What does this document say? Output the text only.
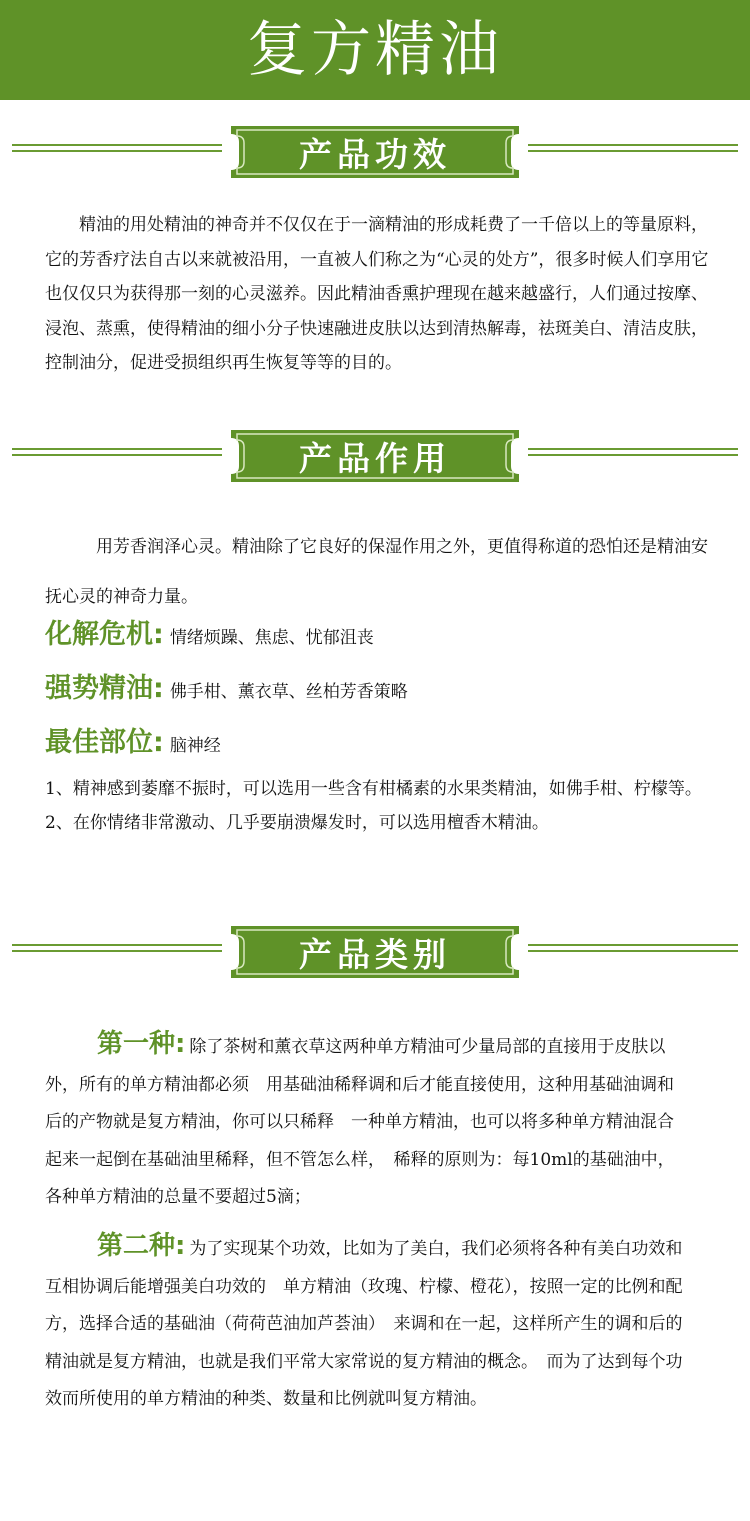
复方精油
产品功效

精油的用处精油的神奇并不仅仅在于一滴精油的形成耗费了一千倍以上的等量原料，它的芳香疗法自古以来就被沿用，一直被人们称之为“心灵的处方”，很多时候人们享用它也仅仅只为获得那一刻的心灵滋养。因此精油香熏护理现在越来越盛行，人们通过按摩、浸泡、蒸熏，使得精油的细小分子快速融进皮肤以达到清热解毒，祛斑美白、清洁皮肤，控制油分，促进受损组织再生恢复等等的目的。

产品作用

用芳香润泽心灵。精油除了它良好的保湿作用之外，更值得称道的恐怕还是精油安抚心灵的神奇力量。

化解危机: 情绪烦躁、焦虑、忧郁沮丧
强势精油: 佛手柑、薰衣草、丝柏芳香策略
最佳部位: 脑神经

1、精神感到萎靡不振时，可以选用一些含有柑橘素的水果类精油，如佛手柑、柠檬等。

2、在你情绪非常激动、几乎要崩溃爆发时，可以选用檀香木精油。

产品类别

第一种: 除了茶树和薰衣草这两种单方精油可少量局部的直接用于皮肤以外，所有的单方精油都必须　用基础油稀释调和后才能直接使用，这种用基础油调和后的产物就是复方精油，你可以只稀释　一种单方精油，也可以将多种单方精油混合起来一起倒在基础油里稀释，但不管怎么样，　稀释的原则为：每10ml的基础油中，各种单方精油的总量不要超过5滴；

第二种: 为了实现某个功效，比如为了美白，我们必须将各种有美白功效和互相协调后能增强美白功效的　单方精油（玫瑰、柠檬、橙花），按照一定的比例和配方，选择合适的基础油（荷荷芭油加芦荟油）　来调和在一起，这样所产生的调和后的精油就是复方精油，也就是我们平常大家常说的复方精油的概念。　而为了达到每个功效而所使用的单方精油的种类、数量和比例就叫复方精油。
